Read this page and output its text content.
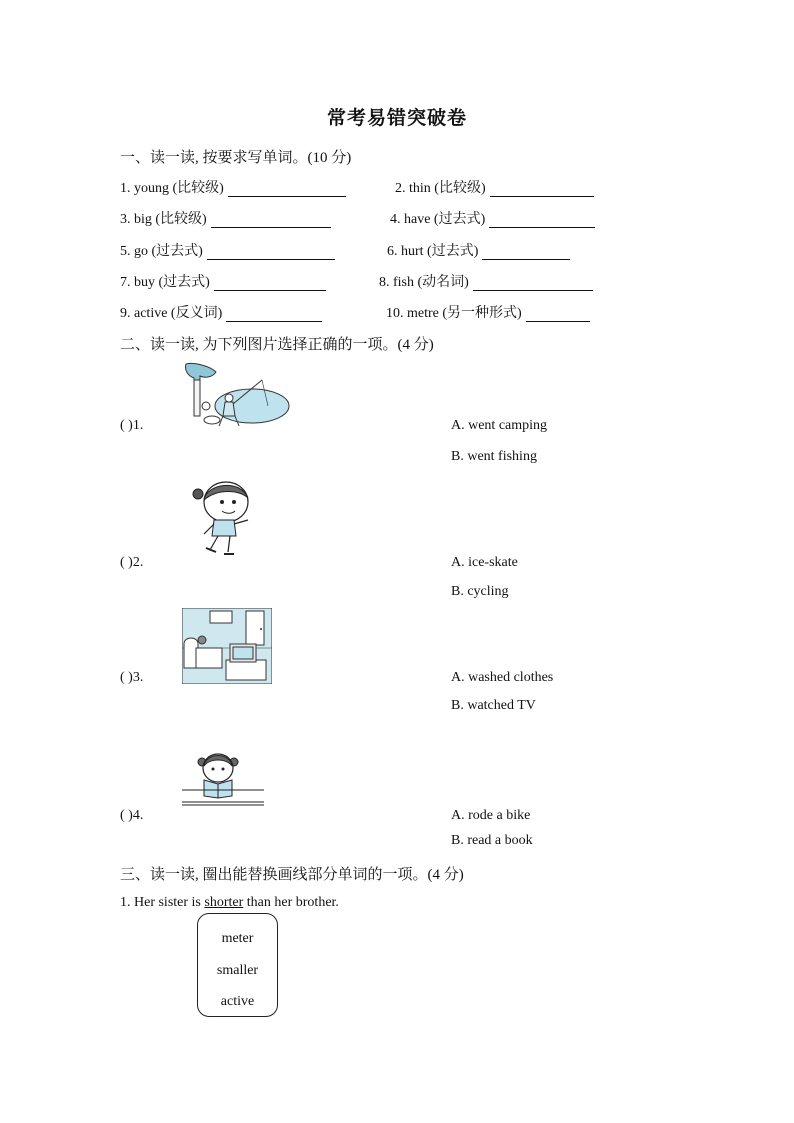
常考易错突破卷
一、读一读, 按要求写单词。(10 分)
1. young (比较级)	2. thin (比较级)
3. big (比较级)	4. have (过去式)
5. go (过去式)	6. hurt (过去式)
7. buy (过去式)	8. fish (动名词)
9. active (反义词)	10. metre (另一种形式)
二、读一读, 为下列图片选择正确的一项。(4 分)
( )1.	A. went camping
B. went fishing
( )2.	A. ice-skate
B. cycling
( )3.	A. washed clothes
B. watched TV
( )4.	A. rode a bike
B. read a book
三、读一读, 圈出能替换画线部分单词的一项。(4 分)
1. Her sister is shorter than her brother.
meter
smaller
active
